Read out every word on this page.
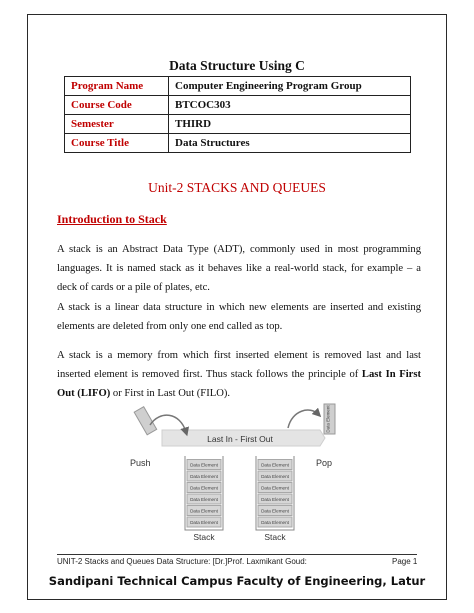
Data Structure Using C
Program Name	Computer Engineering Program Group
Course Code	BTCOC303
Semester	THIRD
Course Title	Data Structures
Unit-2 STACKS AND QUEUES
Introduction to Stack
A stack is an Abstract Data Type (ADT), commonly used in most programming languages. It is named stack as it behaves like a real-world stack, for example – a deck of cards or a pile of plates, etc.
A stack is a linear data structure in which new elements are inserted and existing elements are deleted from only one end called as top.
A stack is a memory from which first inserted element is removed last and last inserted element is removed first. Thus stack follows the principle of Last In First Out (LIFO) or First in Last Out (FILO).
Last In - First Out
Push
Data Element
Pop
Data Element
Data Element
Data Element
Data Element
Data Element
Data Element
Stack
Data Element
Data Element
Data Element
Data Element
Data Element
Data Element
Stack
UNIT-2 Stacks and Queues Data Structure: [Dr.]Prof. Laxmikant Goud:	Page 1
Sandipani Technical Campus Faculty of Engineering, Latur
